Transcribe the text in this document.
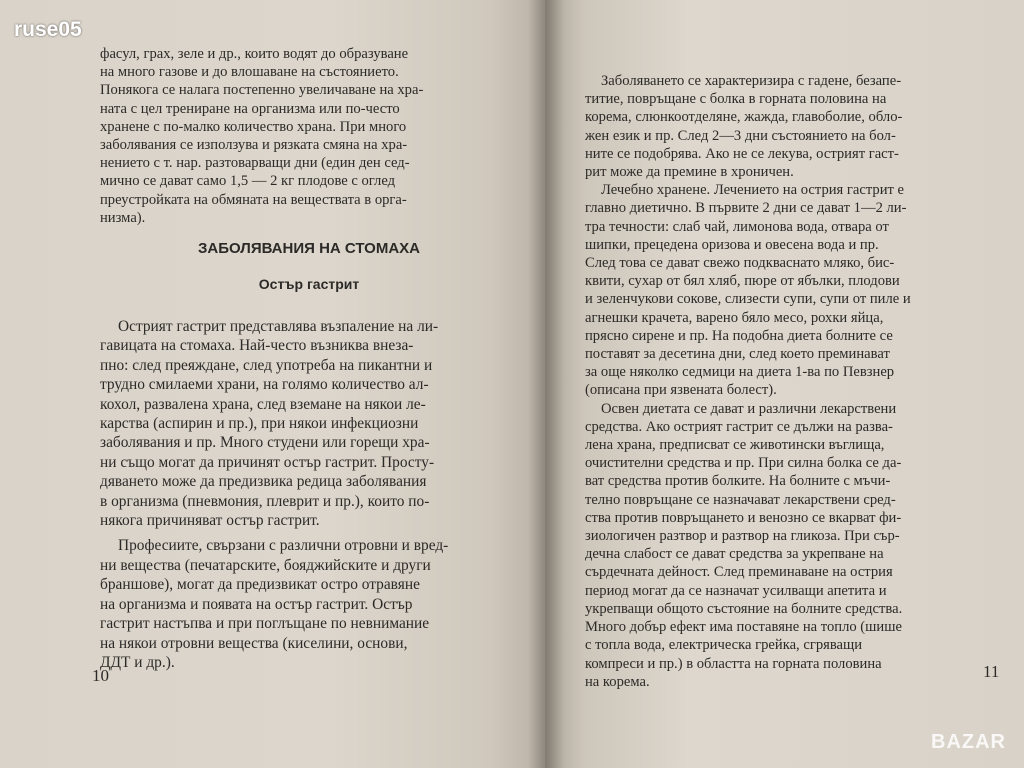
фасул, грах, зеле и др., които водят до образуване
на много газове и до влошаване на състоянието.
Понякога се налага постепенно увеличаване на хра-
ната с цел трениране на организма или по-често
хранене с по-малко количество храна. При много
заболявания се използува и рязката смяна на хра-
нението с т. нар. разтоварващи дни (един ден сед-
мично се дават само 1,5 — 2 кг плодове с оглед
преустройката на обмяната на веществата в орга-
низма).
ЗАБОЛЯВАНИЯ НА СТОМАХА
Остър гастрит
Острият гастрит представлява възпаление на ли-
гавицата на стомаха. Най-често възниква внеза-
пно: след преяждане, след употреба на пикантни и
трудно смилаеми храни, на голямо количество ал-
кохол, развалена храна, след вземане на някои ле-
карства (аспирин и пр.), при някои инфекциозни
заболявания и пр. Много студени или горещи хра-
ни също могат да причинят остър гастрит. Просту-
дяването може да предизвика редица заболявания
в организма (пневмония, плеврит и пр.), които по-
някога причиняват остър гастрит.
Професиите, свързани с различни отровни и вред-
ни вещества (печатарските, бояджийските и други
браншове), могат да предизвикат остро отравяне
на организма и появата на остър гастрит. Остър
гастрит настъпва и при поглъщане по невнимание
на някои отровни вещества (киселини, основи,
ДДТ и др.).
10
Заболяването се характеризира с гадене, безапе-
титие, повръщане с болка в горната половина на
корема, слюнкоотделяне, жажда, главоболие, обло-
жен език и пр. След 2—3 дни състоянието на бол-
ните се подобрява. Ако не се лекува, острият гаст-
рит може да премине в хроничен.
Лечебно хранене. Лечението на острия гастрит е
главно диетично. В първите 2 дни се дават 1—2 ли-
тра течности: слаб чай, лимонова вода, отвара от
шипки, прецедена оризова и овесена вода и пр.
След това се дават свежо подкваснато мляко, бис-
квити, сухар от бял хляб, пюре от ябълки, плодови
и зеленчукови сокове, слизести супи, супи от пиле и
агнешки крачета, варено бяло месо, рохки яйца,
прясно сирене и пр. На подобна диета болните се
поставят за десетина дни, след което преминават
за още няколко седмици на диета 1-ва по Певзнер
(описана при язвената болест).
Освен диетата се дават и различни лекарствени
средства. Ако острият гастрит се дължи на разва-
лена храна, предписват се животински въглища,
очистителни средства и пр. При силна болка се да-
ват средства против болките. На болните с мъчи-
телно повръщане се назначават лекарствени сред-
ства против повръщането и венозно се вкарват фи-
зиологичен разтвор и разтвор на гликоза. При сър-
дечна слабост се дават средства за укрепване на
сърдечната дейност. След преминаване на острия
период могат да се назначат усилващи апетита и
укрепващи общото състояние на болните средства.
Много добър ефект има поставяне на топло (шише
с топла вода, електрическа грейка, сгряващи
компреси и пр.) в областта на горната половина
на корема.
11
ruse05
BAZAR
